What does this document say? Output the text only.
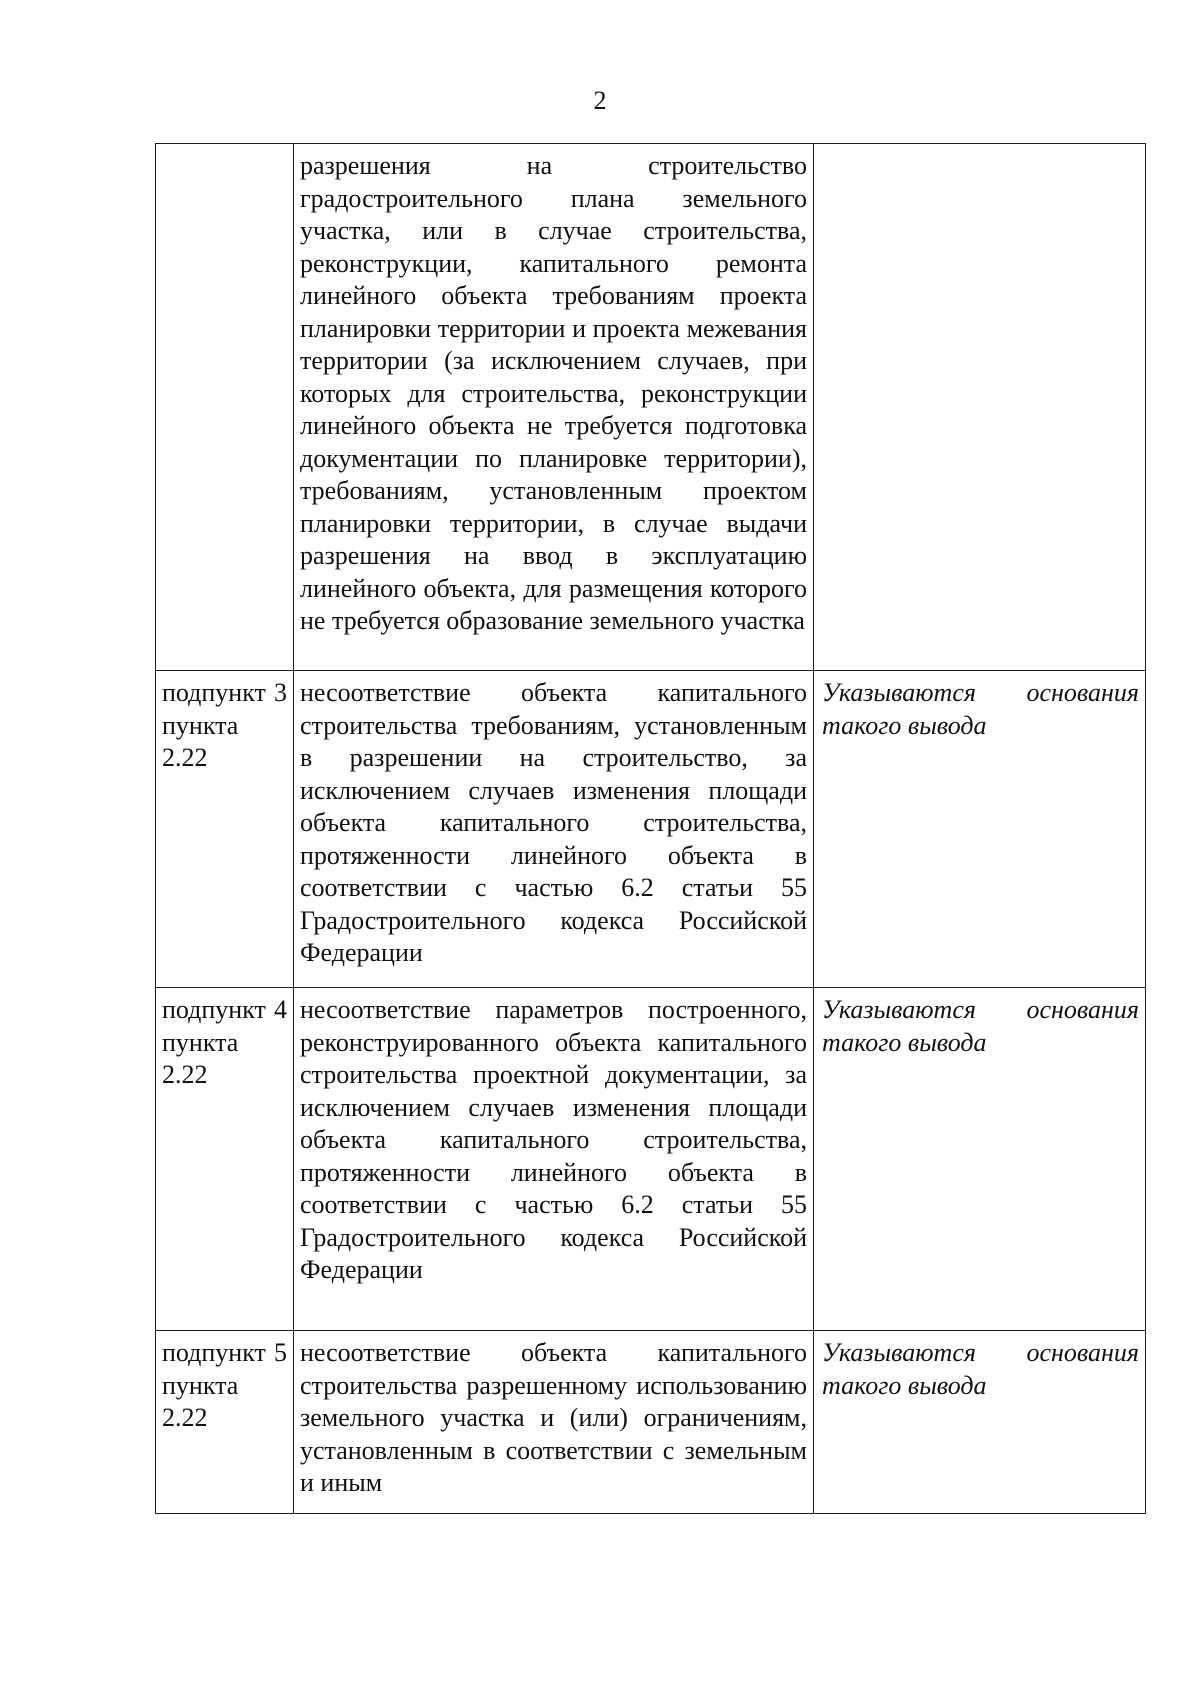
2
	разрешения на строительство градостроительного плана земельного участка, или в случае строительства, реконструкции, капитального ремонта линейного объекта требованиям проекта планировки территории и проекта межевания территории (за исключением случаев, при которых для строительства, реконструкции линейного объекта не требуется подготовка документации по планировке территории), требованиям, установленным проектом планировки территории, в случае выдачи разрешения на ввод в эксплуатацию линейного объекта, для размещения которого не требуется образование земельного участка	

подпункт 3
пункта 2.22	несоответствие объекта капитального строительства требованиям, установленным в разрешении на строительство, за исключением случаев изменения площади объекта капитального строительства, протяженности линейного объекта в соответствии с частью 6.2 статьи 55 Градостроительного кодекса Российской Федерации	Указываются основания такого вывода

подпункт 4
пункта 2.22	несоответствие параметров построенного, реконструированного объекта капитального строительства проектной документации, за исключением случаев изменения площади объекта капитального строительства, протяженности линейного объекта в соответствии с частью 6.2 статьи 55 Градостроительного кодекса Российской Федерации	Указываются основания такого вывода

подпункт 5
пункта 2.22	несоответствие объекта капитального строительства разрешенному использованию земельного участка и (или) ограничениям, установленным в соответствии с земельным и иным	Указываются основания такого вывода
